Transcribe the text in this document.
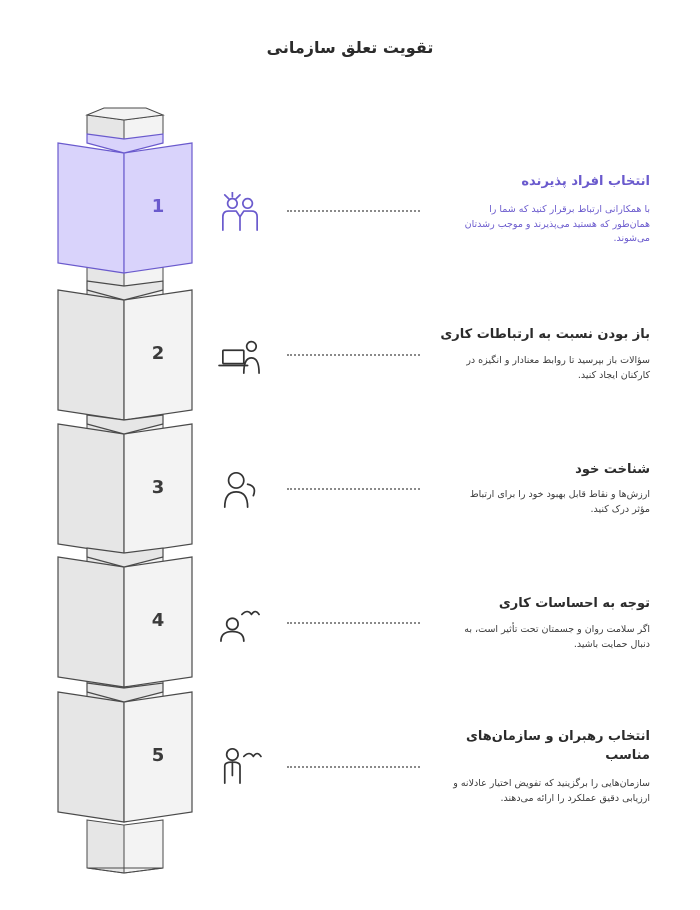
تقویت تعلق سازمانی
1
2
3
4
5
انتخاب افراد پذیرنده
با همکارانی ارتباط برقرار کنید که شما را همان‌طور که هستید می‌پذیرند و موجب رشدتان می‌شوند.
باز بودن نسبت به ارتباطات کاری
سؤالات باز بپرسید تا روابط معنادار و انگیزه در کارکنان ایجاد کنید.
شناخت خود
ارزش‌ها و نقاط قابل بهبود خود را برای ارتباط مؤثر درک کنید.
توجه به احساسات کاری
اگر سلامت روان و جسمتان تحت تأثیر است، به دنبال حمایت باشید.
انتخاب رهبران و سازمان‌های مناسب
سازمان‌هایی را برگزینید که تفویض اختیار عادلانه و ارزیابی دقیق عملکرد را ارائه می‌دهند.
